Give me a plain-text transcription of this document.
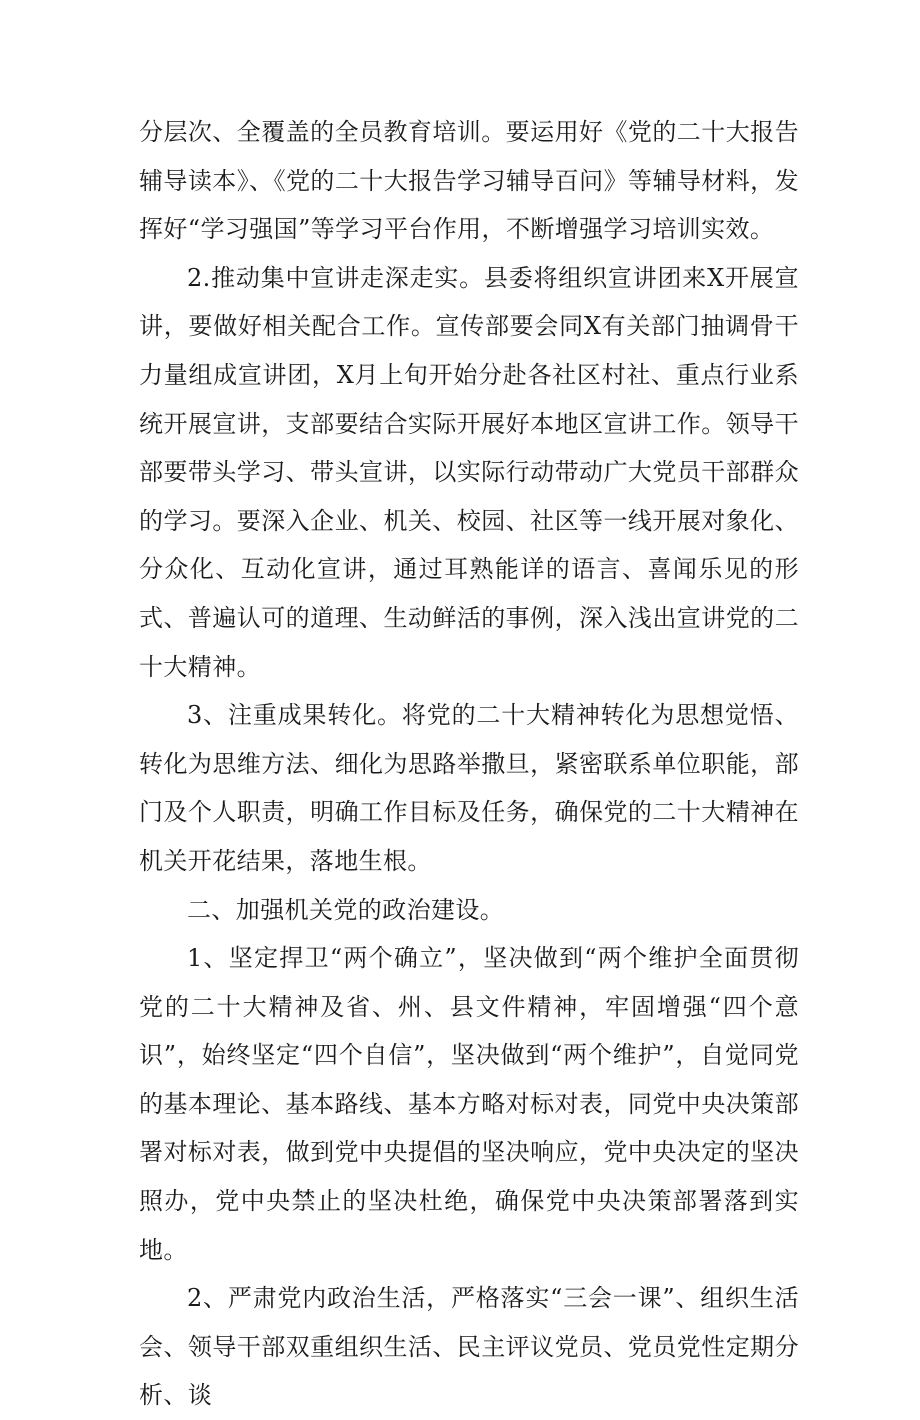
分层次、全覆盖的全员教育培训。要运用好《党的二十大报告辅导读本》、《党的二十大报告学习辅导百问》等辅导材料，发挥好“学习强国”等学习平台作用，不断增强学习培训实效。

2.推动集中宣讲走深走实。县委将组织宣讲团来X开展宣讲，要做好相关配合工作。宣传部要会同X有关部门抽调骨干力量组成宣讲团，X月上旬开始分赴各社区村社、重点行业系统开展宣讲，支部要结合实际开展好本地区宣讲工作。领导干部要带头学习、带头宣讲，以实际行动带动广大党员干部群众的学习。要深入企业、机关、校园、社区等一线开展对象化、分众化、互动化宣讲，通过耳熟能详的语言、喜闻乐见的形式、普遍认可的道理、生动鲜活的事例，深入浅出宣讲党的二十大精神。

3、注重成果转化。将党的二十大精神转化为思想觉悟、转化为思维方法、细化为思路举撒旦，紧密联系单位职能，部门及个人职责，明确工作目标及任务，确保党的二十大精神在机关开花结果，落地生根。

二、加强机关党的政治建设。

1、坚定捍卫“两个确立”，坚决做到“两个维护全面贯彻党的二十大精神及省、州、县文件精神，牢固增强“四个意识”，始终坚定“四个自信”，坚决做到“两个维护”，自觉同党的基本理论、基本路线、基本方略对标对表，同党中央决策部署对标对表，做到党中央提倡的坚决响应，党中央决定的坚决照办，党中央禁止的坚决杜绝，确保党中央决策部署落到实地。

2、严肃党内政治生活，严格落实“三会一课”、组织生活会、领导干部双重组织生活、民主评议党员、党员党性定期分析、谈
